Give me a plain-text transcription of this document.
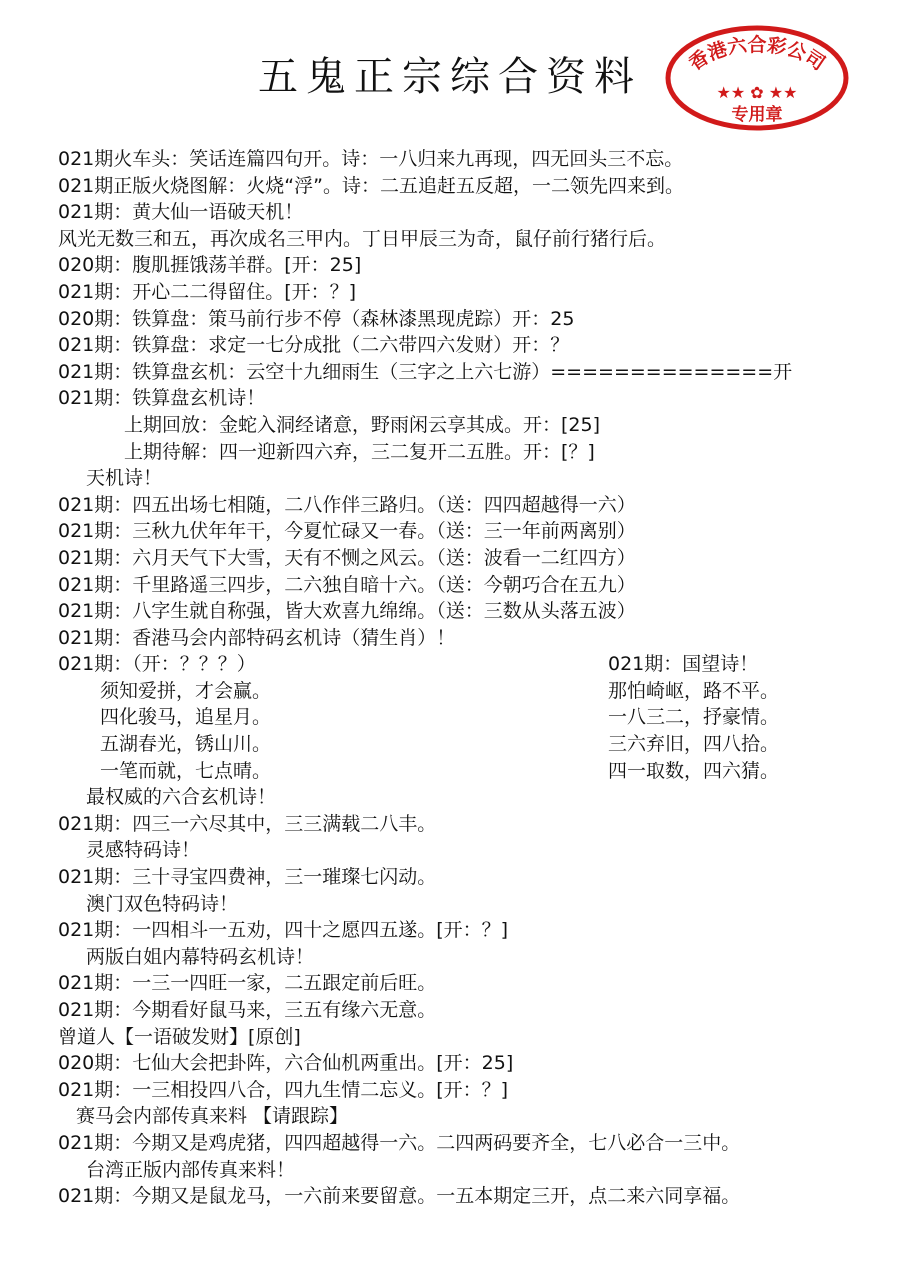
五鬼正宗综合资料 香港六合彩公司
★★ ✿ ★★
专用章
021期火车头：笑话连篇四句开。诗：一八归来九再现，四无回头三不忘。
021期正版火烧图解：火烧“浮”。诗：二五追赶五反超，一二领先四来到。
021期：黄大仙一语破天机！
风光无数三和五，再次成名三甲内。丁日甲辰三为奇，鼠仔前行猪行后。
020期：腹肌捱饿荡羊群。[开：25]
021期：开心二二得留住。[开：？]
020期：铁算盘：策马前行步不停（森林漆黑现虎踪）开：25
021期：铁算盘：求定一七分成批（二六带四六发财）开：？
021期：铁算盘玄机：云空十九细雨生（三字之上六七游）==============开
021期：铁算盘玄机诗！
上期回放：金蛇入洞经诸意，野雨闲云享其成。开：[25]
上期待解：四一迎新四六弃，三二复开二五胜。开：[？]
天机诗！
021期：四五出场七相随，二八作伴三路归。（送：四四超越得一六）
021期：三秋九伏年年干，今夏忙碌又一春。（送：三一年前两离别）
021期：六月天气下大雪，天有不恻之风云。（送：波看一二红四方）
021期：千里路遥三四步，二六独自暗十六。（送：今朝巧合在五九）
021期：八字生就自称强，皆大欢喜九绵绵。（送：三数从头落五波）
021期：香港马会内部特码玄机诗（猜生肖）！
021期：（开：？？？）
须知爱拼，才会赢。
四化骏马，追星月。
五湖春光，锈山川。
一笔而就，七点晴。
021期：国望诗！
那怕崎岖，路不平。
一八三二，抒豪情。
三六弃旧，四八拾。
四一取数，四六猜。
最权威的六合玄机诗！
021期：四三一六尽其中，三三满载二八丰。
灵感特码诗！
021期：三十寻宝四费神，三一璀璨七闪动。
澳门双色特码诗！
021期：一四相斗一五劝，四十之愿四五遂。[开：？]
两版白姐内幕特码玄机诗！
021期：一三一四旺一家，二五跟定前后旺。
021期：今期看好鼠马来，三五有缘六无意。
曾道人【一语破发财】[原创]
020期：七仙大会把卦阵，六合仙机两重出。[开：25]
021期：一三相投四八合，四九生情二忘义。[开：？]
赛马会内部传真来料 【请跟踪】
021期：今期又是鸡虎猪，四四超越得一六。二四两码要齐全，七八必合一三中。
台湾正版内部传真来料！
021期：今期又是鼠龙马，一六前来要留意。一五本期定三开，点二来六同享福。
